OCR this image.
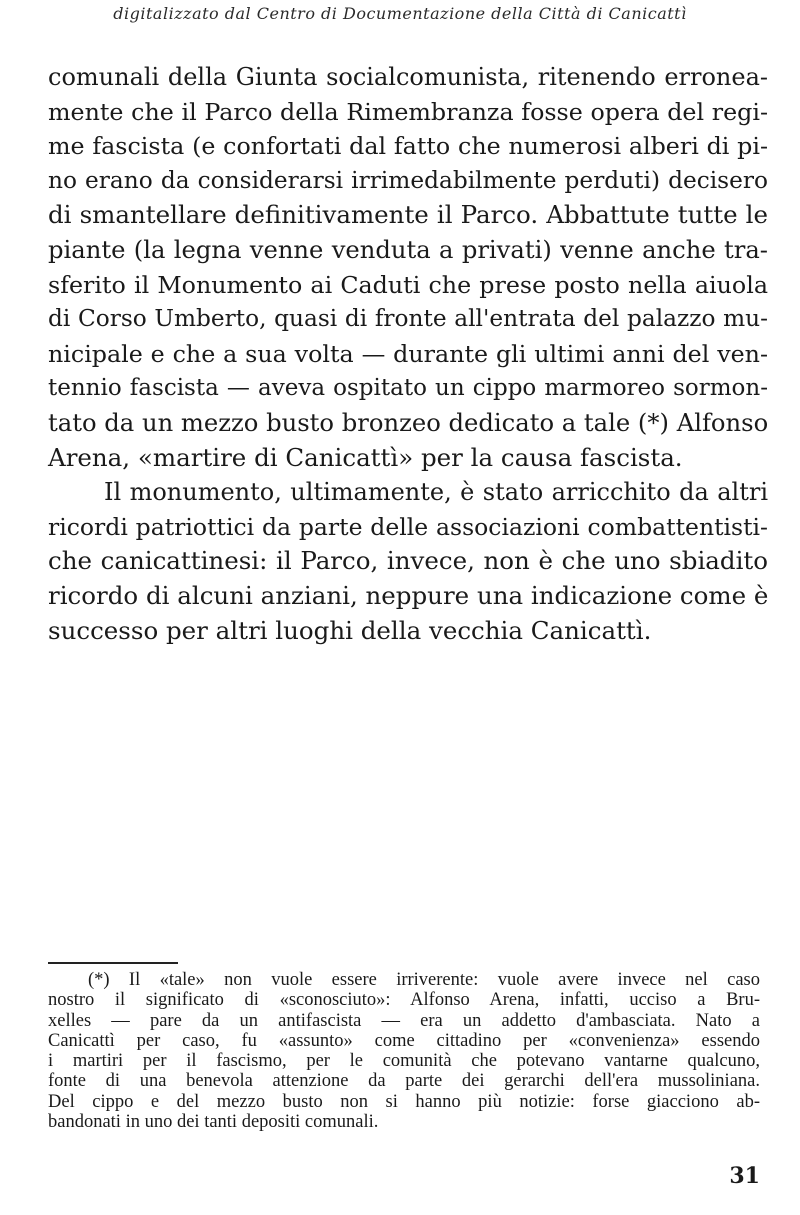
digitalizzato dal Centro di Documentazione della Città di Canicattì
comunali della Giunta socialcomunista, ritenendo erronea-
mente che il Parco della Rimembranza fosse opera del regi-
me fascista (e confortati dal fatto che numerosi alberi di pi-
no erano da considerarsi irrimedabilmente perduti) decisero
di smantellare definitivamente il Parco. Abbattute tutte le
piante (la legna venne venduta a privati) venne anche tra-
sferito il Monumento ai Caduti che prese posto nella aiuola
di Corso Umberto, quasi di fronte all'entrata del palazzo mu-
nicipale e che a sua volta — durante gli ultimi anni del ven-
tennio fascista — aveva ospitato un cippo marmoreo sormon-
tato da un mezzo busto bronzeo dedicato a tale (*) Alfonso
Arena, «martire di Canicattì» per la causa fascista.
Il monumento, ultimamente, è stato arricchito da altri
ricordi patriottici da parte delle associazioni combattentisti-
che canicattinesi: il Parco, invece, non è che uno sbiadito
ricordo di alcuni anziani, neppure una indicazione come è
successo per altri luoghi della vecchia Canicattì.
(*) Il «tale» non vuole essere irriverente: vuole avere invece nel caso
nostro il significato di «sconosciuto»: Alfonso Arena, infatti, ucciso a Bru-
xelles — pare da un antifascista — era un addetto d'ambasciata. Nato a
Canicattì per caso, fu «assunto» come cittadino per «convenienza» essendo
i martiri per il fascismo, per le comunità che potevano vantarne qualcuno,
fonte di una benevola attenzione da parte dei gerarchi dell'era mussoliniana.
Del cippo e del mezzo busto non si hanno più notizie: forse giacciono ab-
bandonati in uno dei tanti depositi comunali.
31
